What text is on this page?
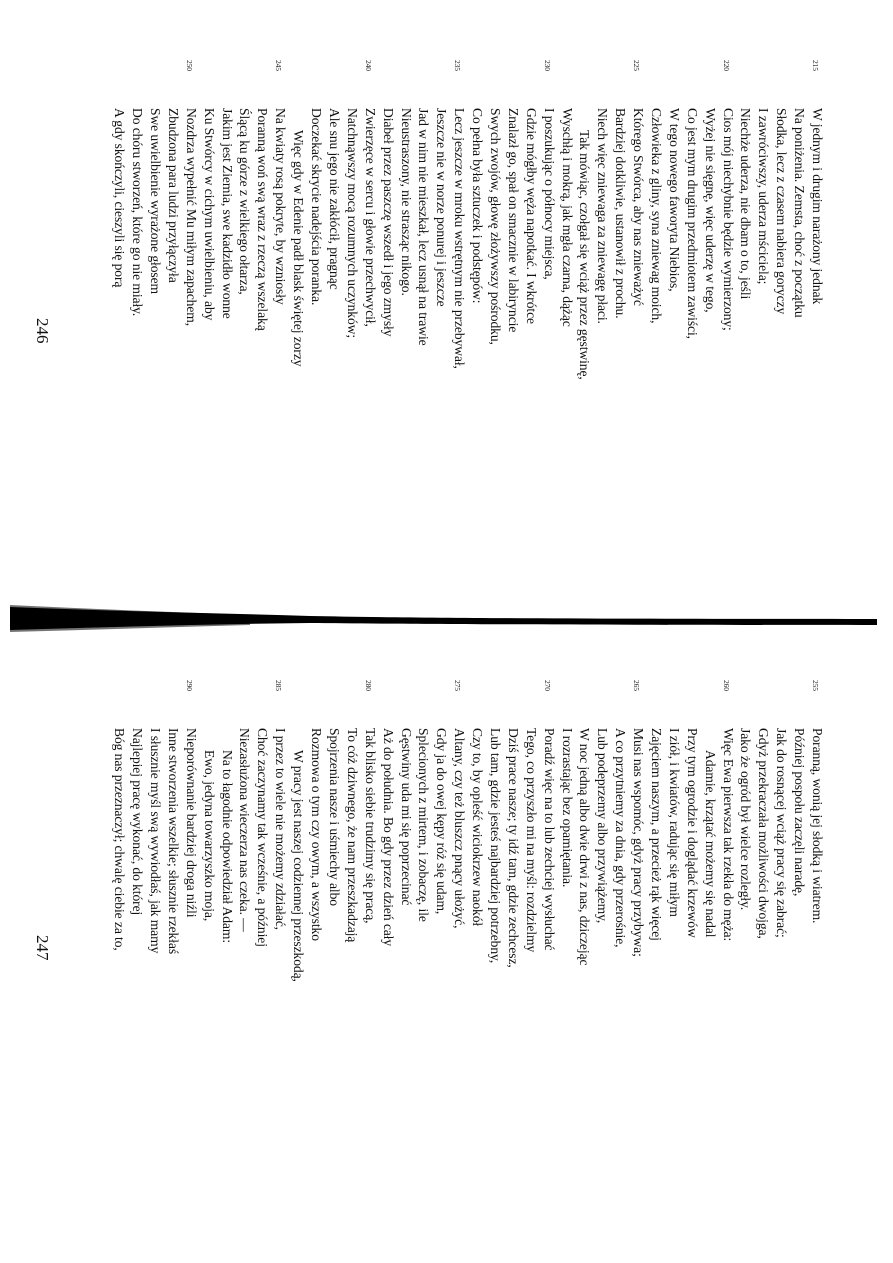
215
W jednym i drugim narażony jednak
Na poniżenia. Zemsta, choć z początku
Słodka, lecz z czasem nabiera goryczy
I zawróciwszy, uderza mściciela;
Niechże uderza, nie dbam o to, jeśli
220
Cios mój niechybnie będzie wymierzony;
Wyżej nie sięgnę, więc uderzę w tego,
Co jest mym drugim przedmiotem zawiści,
W tego nowego faworyta Niebios,
Człowieka z gliny, syna zniewag moich,
225
Którego Stwórca, aby nas znieważyć
Bardziej dotkliwie, ustanowił z prochu.
Niech więc zniewaga za zniewagę płaci.
Tak mówiąc, czołgał się wciąż przez gęstwinę,
Wyschłą i mokrą, jak mgła czarna, dążąc
230
I poszukując o północy miejsca,
Gdzie mógłby węża napotkać. I wkrótce
Znalazł go, spał on smacznie w labiryncie
Swych zwojów, głowę złożywszy pośrodku,
Co pełna była sztuczek i podstępów:
235
Lecz jeszcze w mroku wstrętnym nie przebywał,
Jeszcze nie w norze ponurej i jeszcze
Jad w nim nie mieszkał, lecz usnął na trawie
Nieustraszony, nie strasząc nikogo.
Diabeł przez paszczę wszedł i jego zmysły
240
Zwierzęce w sercu i głowie przechwycił,
Natchnąwszy mocą rozumnych uczynków;
Ale snu jego nie zakłócił, pragnąc
Doczekać skrycie nadejścia poranka.
Więc gdy w Edenie padł blask świętej zorzy
245
Na kwiaty rosą pokryte, by wzniosły
Poranną woń swą wraz z rzeczą wszelaką
Ślącą ku górze z wielkiego ołtarza,
Jakim jest Ziemia, swe kadzidło wonne
Ku Stwórcy w cichym uwielbieniu, aby
250
Nozdrza wypełnić Mu miłym zapachem,
Zbudzona para ludzi przyłączyła
Swe uwielbienie wyrażone głosem
Do chóru stworzeń, które go nie miały.
A gdy skończyli, cieszyli się porą
246
255
Poranną, wonią jej słodką i wiatrem.
Później pospołu zaczęli naradę,
Jak do rosnącej wciąż pracy się zabrać;
Gdyż przekraczała możliwości dwojga,
Jako że ogród był wielce rozległy.
260
Więc Ewa pierwsza tak rzekła do męża:
Adamie, krzątać możemy się nadal
Przy tym ogrodzie i doglądać krzewów
I ziół, i kwiatów, radując się miłym
Zajęciem naszym, a przecież rąk więcej
265
Musi nas wspomóc, gdyż pracy przybywa;
A co przytniemy za dnia, gdy przerośnie,
Lub podeprzemy albo przywiążemy,
W noc jedną albo dwie drwi z nas, dziczejąc
I rozrastając bez opamiętania.
270
Poradź więc na to lub zechciej wysłuchać
Tego, co przyszło mi na myśl: rozdzielmy
Dziś prace nasze; ty idź tam, gdzie zechcesz,
Lub tam, gdzie jesteś najbardziej potrzebny,
Czy to, by opleść wiciokrzew naokół
275
Altany, czy też bluszcz pnący ułożyć,
Gdy ja do owej kępy róż się udam,
Splecionych z mirtem, i zobaczę, ile
Gęstwiny uda mi się poprzecinać
Aż do południa. Bo gdy przez dzień cały
280
Tak blisko siebie trudzimy się pracą,
To cóż dziwnego, że nam przeszkadzają
Spojrzenia nasze i uśmiechy albo
Rozmowa o tym czy owym, a wszystko
W pracy jest naszej codziennej przeszkodą,
285
I przez to wiele nie możemy zdziałać,
Choć zaczynamy tak wcześnie, a później
Niezasłużona wieczerza nas czeka. —
Na to łagodnie odpowiedział Adam:
Ewo, jedyna towarzyszko moja,
290
Nieporównanie bardziej droga niźli
Inne stworzenia wszelkie; słusznie rzekłaś
I słusznie myśl swą wywiodłaś, jak mamy
Najlepiej pracę wykonać, do której
Bóg nas przeznaczył; chwalę ciebie za to,
247
